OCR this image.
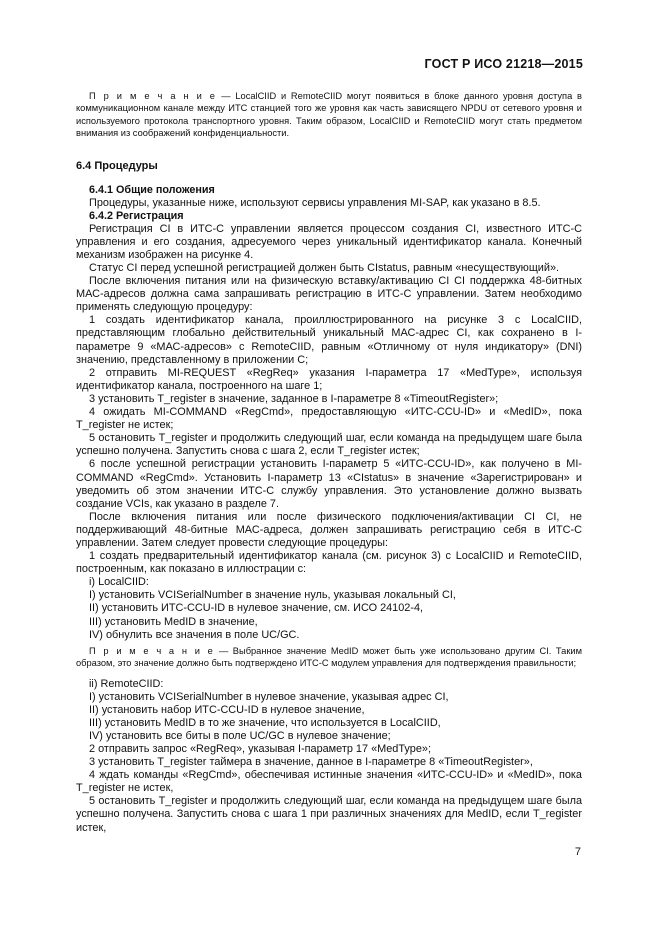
ГОСТ Р ИСО 21218—2015

П р и м е ч а н и е — LocalCIID и RemoteCIID могут появиться в блоке данного уровня доступа в коммуникационном канале между ИТС станцией того же уровня как часть зависящего NPDU от сетевого уровня и используемого протокола транспортного уровня. Таким образом, LocalCIID и RemoteCIID могут стать предметом внимания из соображений конфиденциальности.

6.4 Процедуры

6.4.1 Общие положения

Процедуры, указанные ниже, используют сервисы управления MI-SAP, как указано в 8.5.

6.4.2 Регистрация

Регистрация CI в ИТС-С управлении является процессом создания CI, известного ИТС-С управления и его создания, адресуемого через уникальный идентификатор канала. Конечный механизм изображен на рисунке 4.

Статус CI перед успешной регистрацией должен быть CIstatus, равным «несуществующий».

После включения питания или на физическую вставку/активацию CI CI поддержка 48-битных МАС-адресов должна сама запрашивать регистрацию в ИТС-С управлении. Затем необходимо применять следующую процедуру:

1 создать идентификатор канала, проиллюстрированного на рисунке 3 с LocalCIID, представляющим глобально действительный уникальный МАС-адрес CI, как сохранено в I-параметре 9 «МАС-адресов» с RemoteCIID, равным «Отличному от нуля индикатору» (DNI) значению, представленному в приложении С;

2 отправить MI-REQUEST «RegReq» указания I-параметра 17 «MedType», используя идентификатор канала, построенного на шаге 1;

3 установить T_register в значение, заданное в I-параметре 8 «TimeoutRegister»;

4 ожидать MI-COMMAND «RegCmd», предоставляющую «ИТС-CCU-ID» и «MedID», пока T_register не истек;

5 остановить T_register и продолжить следующий шаг, если команда на предыдущем шаге была успешно получена. Запустить снова с шага 2, если T_register истек;

6 после успешной регистрации установить I-параметр 5 «ИТС-CCU-ID», как получено в MI-COMMAND «RegCmd». Установить I-параметр 13 «CIstatus» в значение «Зарегистрирован» и уведомить об этом значении ИТС-С службу управления. Это установление должно вызвать создание VCIs, как указано в разделе 7.

После включения питания или после физического подключения/активации CI CI, не поддерживающий 48-битные МАС-адреса, должен запрашивать регистрацию себя в ИТС-С управлении. Затем следует провести следующие процедуры:

1 создать предварительный идентификатор канала (см. рисунок 3) с LocalCIID и RemoteCIID, построенным, как показано в иллюстрации с:

i) LocalCIID:

I) установить VCISerialNumber в значение нуль, указывая локальный CI,

II) установить ИТС-CCU-ID в нулевое значение, см. ИСО 24102-4,

III) установить MedID в значение,

IV) обнулить все значения в поле UC/GC.

П р и м е ч а н и е — Выбранное значение MedID может быть уже использовано другим CI. Таким образом, это значение должно быть подтверждено ИТС-С модулем управления для подтверждения правильности;

ii) RemoteCIID:

I) установить VCISerialNumber в нулевое значение, указывая адрес CI,

II) установить набор ИТС-CCU-ID в нулевое значение,

III) установить MedID в то же значение, что используется в LocalCIID,

IV) установить все биты в поле UC/GC в нулевое значение;

2 отправить запрос «RegReq», указывая I-параметр 17 «MedType»;

3 установить T_register таймера в значение, данное в I-параметре 8 «TimeoutRegister»,

4 ждать команды «RegCmd», обеспечивая истинные значения «ИТС-CCU-ID» и «MedID», пока T_register не истек,

5 остановить T_register и продолжить следующий шаг, если команда на предыдущем шаге была успешно получена. Запустить снова с шага 1 при различных значениях для MedID, если T_register истек,

7
